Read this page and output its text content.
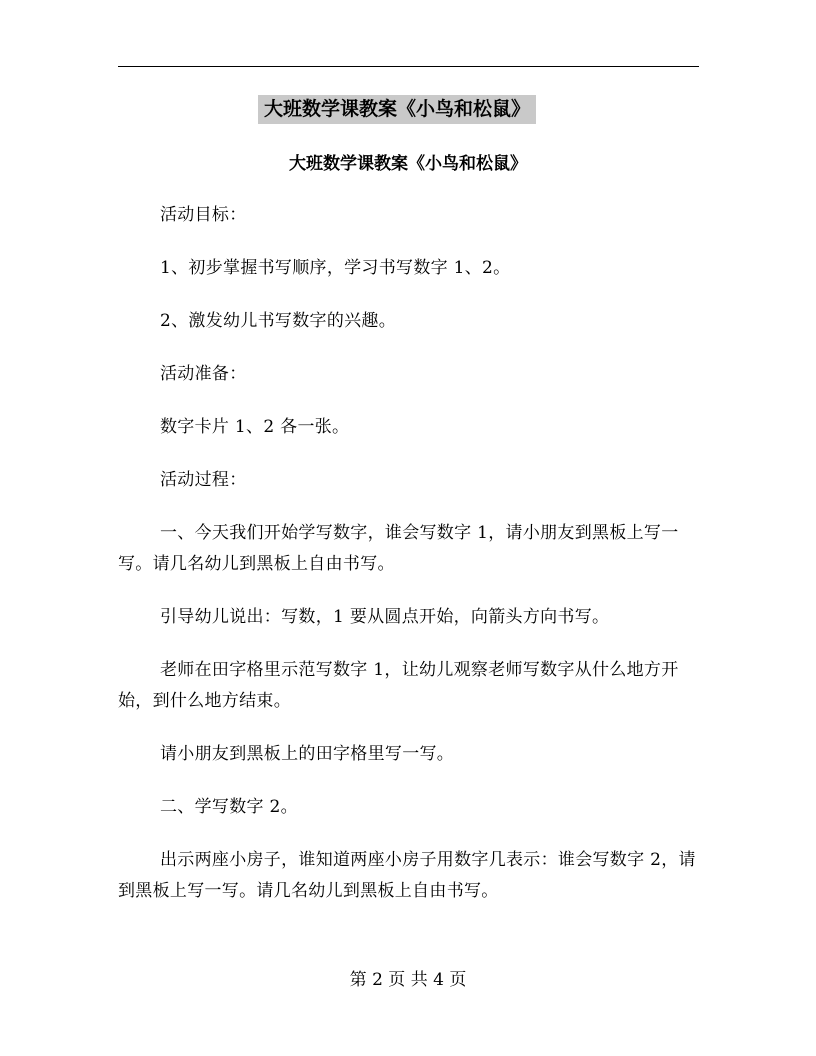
大班数学课教案《小鸟和松鼠》
大班数学课教案《小鸟和松鼠》

活动目标：

1、初步掌握书写顺序，学习书写数字 1、2。

2、激发幼儿书写数字的兴趣。

活动准备：

数字卡片 1、2 各一张。

活动过程：

一、今天我们开始学写数字，谁会写数字 1，请小朋友到黑板上写一写。请几名幼儿到黑板上自由书写。

引导幼儿说出：写数，1 要从圆点开始，向箭头方向书写。

老师在田字格里示范写数字 1，让幼儿观察老师写数字从什么地方开始，到什么地方结束。

请小朋友到黑板上的田字格里写一写。

二、学写数字 2。

出示两座小房子，谁知道两座小房子用数字几表示：谁会写数字 2，请到黑板上写一写。请几名幼儿到黑板上自由书写。

第 2 页 共 4 页
